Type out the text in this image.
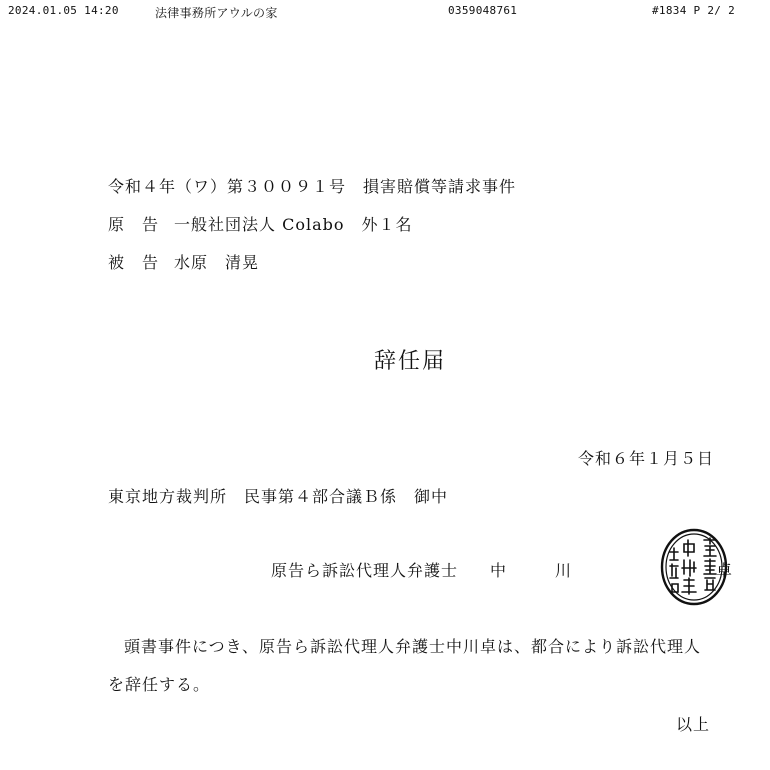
2024.01.05 14:20	法律事務所アウルの家	0359048761	#1834 P 2/ 2
令和４年（ワ）第３００９１号　損害賠償等請求事件
原　告 一般社団法人 Colabo　外１名
被　告 水原　清晃
辞任届
令和６年１月５日
東京地方裁判所　民事第４部合議Ｂ係　御中
原告ら訴訟代理人弁護士 中	川	卓
頭書事件につき、原告ら訴訟代理人弁護士中川卓は、都合により訴訟代理人
を辞任する。
以上
